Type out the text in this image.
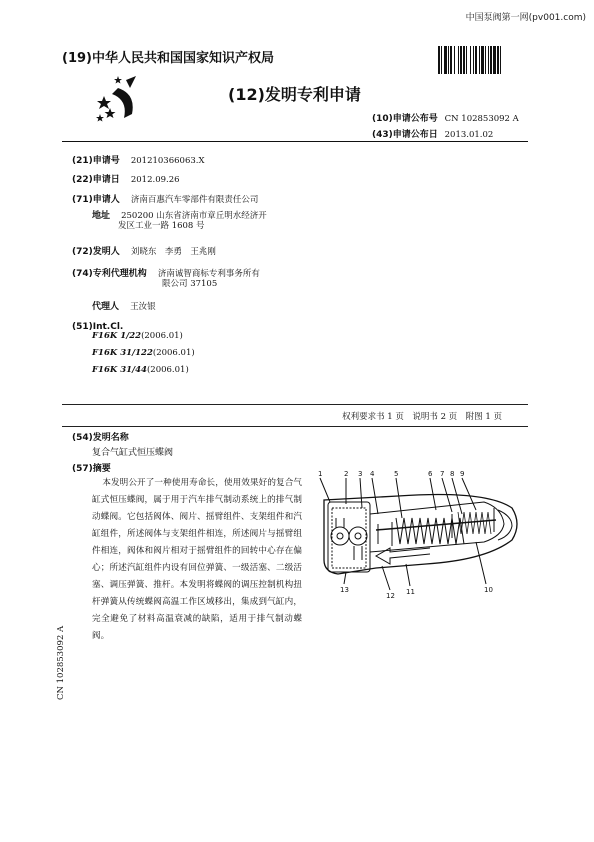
中国泵阀第一网(pv001.com)
(19)中华人民共和国国家知识产权局
(12)发明专利申请
(10)申请公布号 CN 102853092 A
(43)申请公布日 2013.01.02
(21)申请号 201210366063.X
(22)申请日 2012.09.26
(71)申请人 济南百惠汽车零部件有限责任公司
地址 250200 山东省济南市章丘明水经济开
发区工业一路 1608 号
(72)发明人 刘晓东　李勇　王兆刚
(74)专利代理机构 济南诚智商标专利事务所有
限公司 37105
代理人 王汝银
(51)Int.Cl.
F16K 1/22(2006.01)
F16K 31/122(2006.01)
F16K 31/44(2006.01)
权利要求书 1 页　说明书 2 页　附图 1 页
(54)发明名称
复合气缸式恒压蝶阀
(57)摘要

本发明公开了一种使用寿命长，使用效果好的复合气缸式恒压蝶阀，属于用于汽车排气制动系统上的排气制动蝶阀。它包括阀体、阀片、摇臂组件、支架组件和汽缸组件，所述阀体与支架组件相连，所述阀片与摇臂组件相连，阀体和阀片相对于摇臂组件的回转中心存在偏心；所述汽缸组件内设有回位弹簧、一级活塞、二级活塞、调压弹簧、推杆。本发明将蝶阀的调压控制机构扭杆弹簧从传统蝶阀高温工作区域移出，集成到气缸内，完全避免了材料高温衰减的缺陷，适用于排气制动蝶阀。

1	2 3 4	5	6 7 8 9
13
12 11	10
CN 102853092 A
